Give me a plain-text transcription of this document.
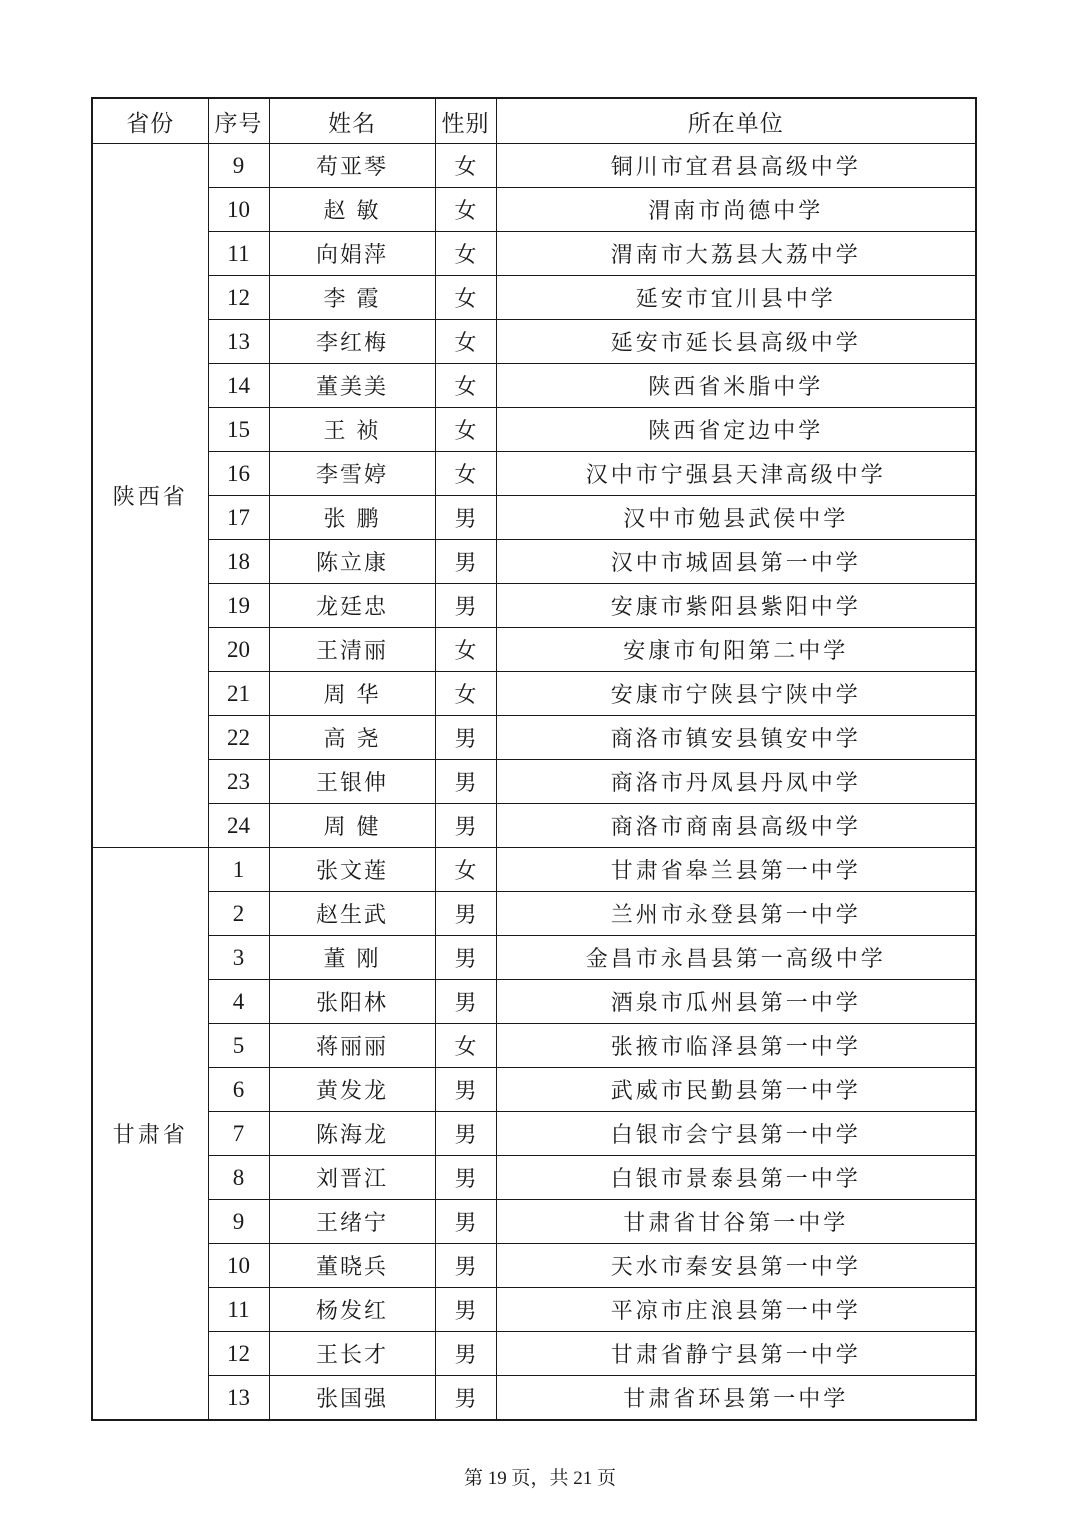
省份	序号	姓名	性别	所在单位
陕西省	9	苟亚琴	女	铜川市宜君县高级中学
	10	赵 敏	女	渭南市尚德中学
	11	向娟萍	女	渭南市大荔县大荔中学
	12	李 霞	女	延安市宜川县中学
	13	李红梅	女	延安市延长县高级中学
	14	董美美	女	陕西省米脂中学
	15	王 祯	女	陕西省定边中学
	16	李雪婷	女	汉中市宁强县天津高级中学
	17	张 鹏	男	汉中市勉县武侯中学
	18	陈立康	男	汉中市城固县第一中学
	19	龙廷忠	男	安康市紫阳县紫阳中学
	20	王清丽	女	安康市旬阳第二中学
	21	周 华	女	安康市宁陕县宁陕中学
	22	高 尧	男	商洛市镇安县镇安中学
	23	王银伸	男	商洛市丹凤县丹凤中学
	24	周 健	男	商洛市商南县高级中学
甘肃省	1	张文莲	女	甘肃省皋兰县第一中学
	2	赵生武	男	兰州市永登县第一中学
	3	董 刚	男	金昌市永昌县第一高级中学
	4	张阳林	男	酒泉市瓜州县第一中学
	5	蒋丽丽	女	张掖市临泽县第一中学
	6	黄发龙	男	武威市民勤县第一中学
	7	陈海龙	男	白银市会宁县第一中学
	8	刘晋江	男	白银市景泰县第一中学
	9	王绪宁	男	甘肃省甘谷第一中学
	10	董晓兵	男	天水市秦安县第一中学
	11	杨发红	男	平凉市庄浪县第一中学
	12	王长才	男	甘肃省静宁县第一中学
	13	张国强	男	甘肃省环县第一中学
第 19 页，共 21 页
